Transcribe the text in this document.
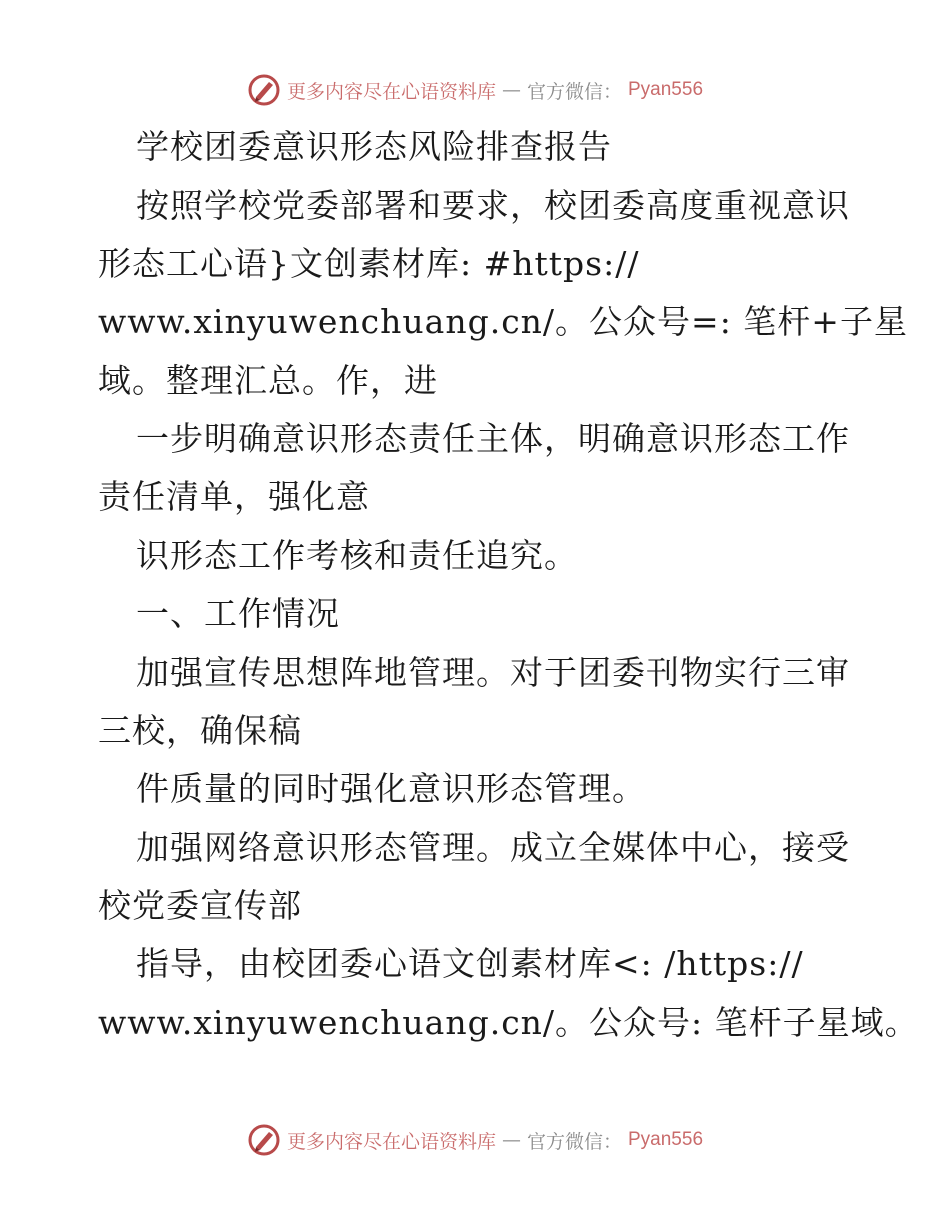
更多内容尽在心语资料库 — 官方微信： Pyan556
学校团委意识形态风险排查报告
按照学校党委部署和要求，校团委高度重视意识
形态工心语}文创素材库: #https://
www.xinyuwenchuang.cn/。公众号=: 笔杆+子星
域。整理汇总。作，进
一步明确意识形态责任主体，明确意识形态工作
责任清单，强化意
识形态工作考核和责任追究。
一、工作情况
加强宣传思想阵地管理。对于团委刊物实行三审
三校，确保稿
件质量的同时强化意识形态管理。
加强网络意识形态管理。成立全媒体中心，接受
校党委宣传部
指导，由校团委心语文创素材库<: /https://
www.xinyuwenchuang.cn/。公众号: 笔杆子星域。
更多内容尽在心语资料库 — 官方微信： Pyan556
